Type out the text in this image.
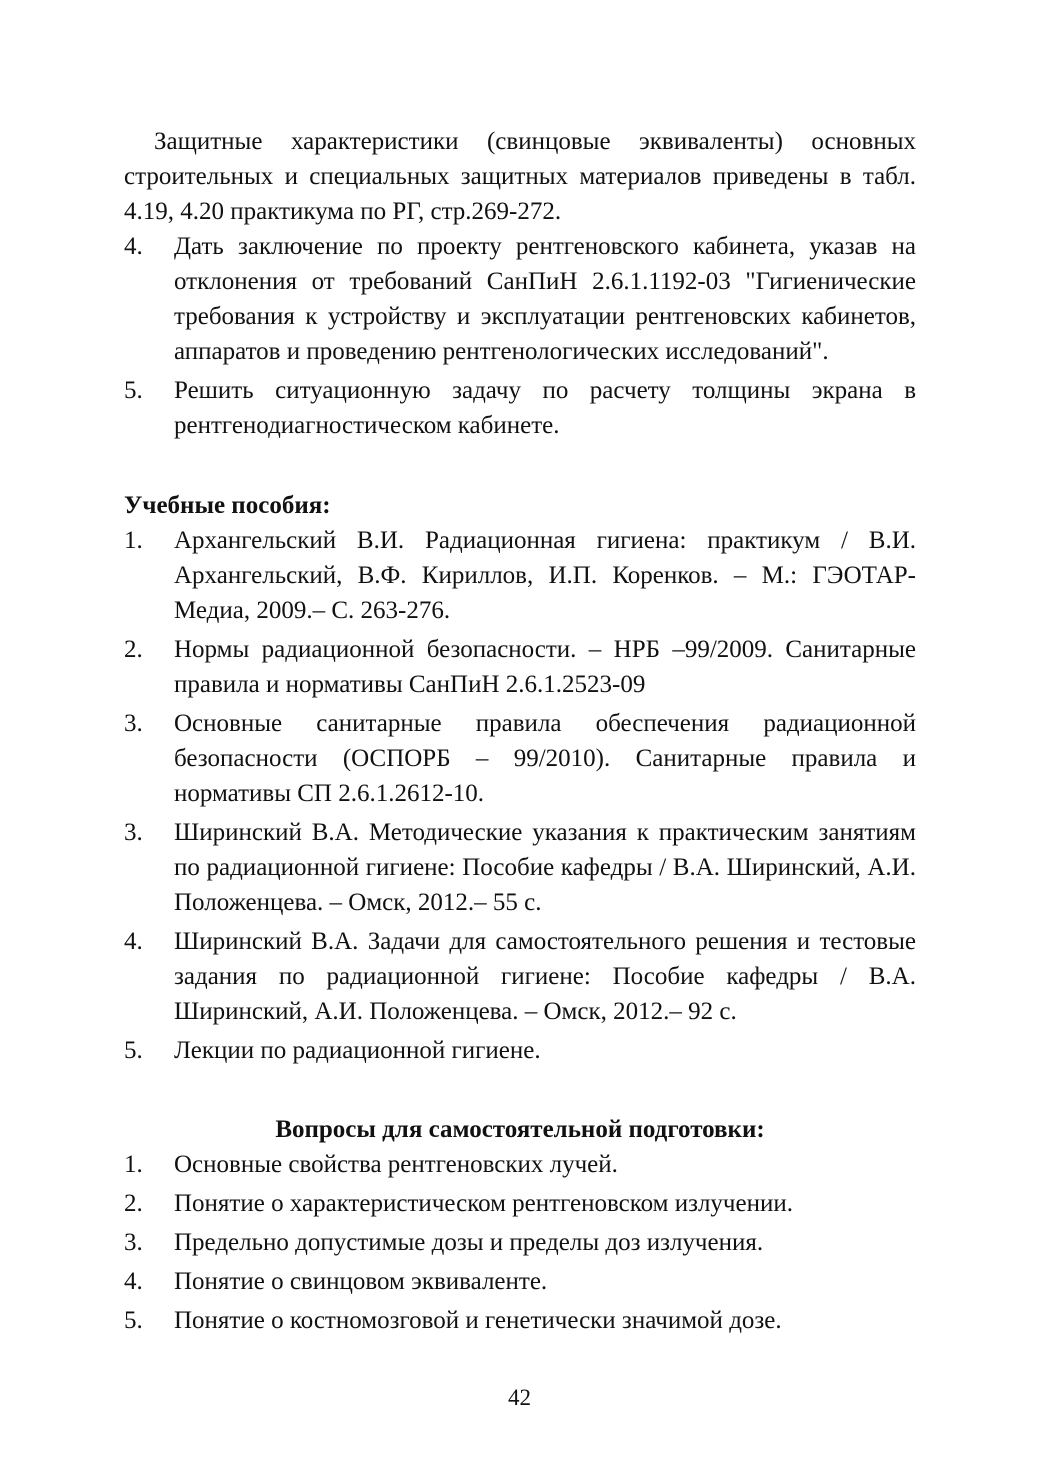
Защитные характеристики (свинцовые эквиваленты) основных строительных и специальных защитных материалов приведены в табл. 4.19, 4.20 практикума по РГ, стр.269-272.

4.	Дать заключение по проекту рентгеновского кабинета, указав на отклонения от требований СанПиН 2.6.1.1192-03 "Гигиенические требования к устройству и эксплуатации рентгеновских кабинетов, аппаратов и проведению рентгенологических исследований".
5.	Решить ситуационную задачу по расчету толщины экрана в рентгенодиагностическом кабинете.

Учебные пособия:

1.	Архангельский В.И. Радиационная гигиена: практикум / В.И. Архангельский, В.Ф. Кириллов, И.П. Коренков. – М.: ГЭОТАР-Медиа, 2009.– С. 263-276.
2.	Нормы радиационной безопасности. – НРБ –99/2009. Санитарные правила и нормативы СанПиН 2.6.1.2523-09
3.	Основные санитарные правила обеспечения радиационной безопасности (ОСПОРБ – 99/2010). Санитарные правила и нормативы СП 2.6.1.2612-10.
3.	Ширинский В.А. Методические указания к практическим занятиям по радиационной гигиене: Пособие кафедры / В.А. Ширинский, А.И. Положенцева. – Омск, 2012.– 55 с.
4.	Ширинский В.А. Задачи для самостоятельного решения и тестовые задания по радиационной гигиене: Пособие кафедры / В.А. Ширинский, А.И. Положенцева. – Омск, 2012.– 92 с.
5.	Лекции по радиационной гигиене.

Вопросы для самостоятельной подготовки:

1.	Основные свойства рентгеновских лучей.
2.	Понятие о характеристическом рентгеновском излучении.
3.	Предельно допустимые дозы и пределы доз излучения.
4.	Понятие о свинцовом эквиваленте.
5.	Понятие о костномозговой и генетически значимой дозе.
42
